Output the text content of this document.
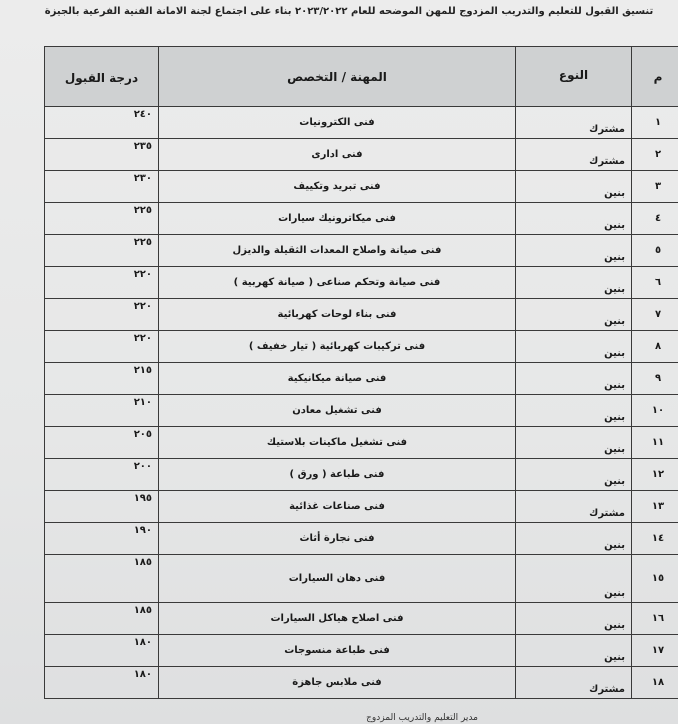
تنسيق القبول للتعليم والتدريب المزدوج للمهن الموضحه للعام ٢٠٢٣/٢٠٢٢ بناء على اجتماع لجنة الامانة الفنية الفرعية بالجيزة
م	النوع	المهنة / التخصص	درجة القبول
١	مشترك	فنى الكترونيات	٢٤٠
٢	مشترك	فنى ادارى	٢٣٥
٣	بنين	فنى تبريد وتكييف	٢٣٠
٤	بنين	فنى ميكاترونيك سيارات	٢٢٥
٥	بنين	فنى صيانة واصلاح المعدات الثقيلة والديزل	٢٢٥
٦	بنين	فنى صيانة وتحكم صناعى ( صيانة كهربية )	٢٢٠
٧	بنين	فنى بناء لوحات كهربائية	٢٢٠
٨	بنين	فنى تركيبات كهربائية ( تيار خفيف )	٢٢٠
٩	بنين	فنى صيانة ميكانيكية	٢١٥
١٠	بنين	فنى تشغيل معادن	٢١٠
١١	بنين	فنى تشغيل ماكينات بلاستيك	٢٠٥
١٢	بنين	فنى طباعة ( ورق )	٢٠٠
١٣	مشترك	فنى صناعات غذائية	١٩٥
١٤	بنين	فنى نجارة أثاث	١٩٠
١٥	بنين	فنى دهان السيارات	١٨٥
١٦	بنين	فنى اصلاح هياكل السيارات	١٨٥
١٧	بنين	فنى طباعة منسوجات	١٨٠
١٨	مشترك	فنى ملابس جاهزة	١٨٠
مدير التعليم والتدريب المزدوج
